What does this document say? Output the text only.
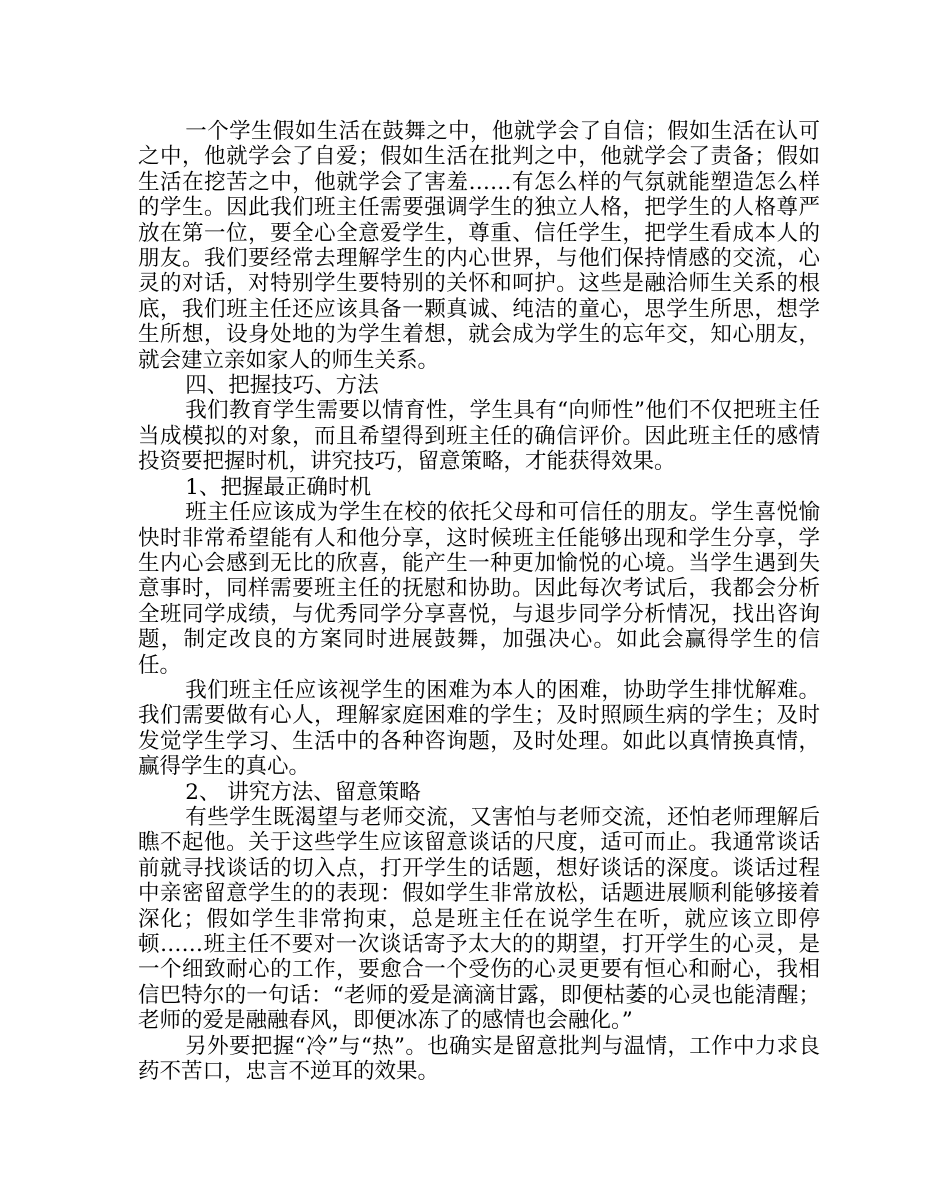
一个学生假如生活在鼓舞之中，他就学会了自信；假如生活在认可之中，他就学会了自爱；假如生活在批判之中，他就学会了责备；假如生活在挖苦之中，他就学会了害羞……有怎么样的气氛就能塑造怎么样的学生。因此我们班主任需要强调学生的独立人格，把学生的人格尊严放在第一位，要全心全意爱学生，尊重、信任学生，把学生看成本人的朋友。我们要经常去理解学生的内心世界，与他们保持情感的交流，心灵的对话，对特别学生要特别的关怀和呵护。这些是融洽师生关系的根底，我们班主任还应该具备一颗真诚、纯洁的童心，思学生所思，想学生所想，设身处地的为学生着想，就会成为学生的忘年交，知心朋友，就会建立亲如家人的师生关系。

四、把握技巧、方法

我们教育学生需要以情育性，学生具有“向师性”他们不仅把班主任当成模拟的对象，而且希望得到班主任的确信评价。因此班主任的感情投资要把握时机，讲究技巧，留意策略，才能获得效果。

1、把握最正确时机

班主任应该成为学生在校的依托父母和可信任的朋友。学生喜悦愉快时非常希望能有人和他分享，这时候班主任能够出现和学生分享，学生内心会感到无比的欣喜，能产生一种更加愉悦的心境。当学生遇到失意事时，同样需要班主任的抚慰和协助。因此每次考试后，我都会分析全班同学成绩，与优秀同学分享喜悦，与退步同学分析情况，找出咨询题，制定改良的方案同时进展鼓舞，加强决心。如此会赢得学生的信任。

我们班主任应该视学生的困难为本人的困难，协助学生排忧解难。我们需要做有心人，理解家庭困难的学生；及时照顾生病的学生；及时发觉学生学习、生活中的各种咨询题，及时处理。如此以真情换真情，赢得学生的真心。

2、 讲究方法、留意策略

有些学生既渴望与老师交流，又害怕与老师交流，还怕老师理解后瞧不起他。关于这些学生应该留意谈话的尺度，适可而止。我通常谈话前就寻找谈话的切入点，打开学生的话题，想好谈话的深度。谈话过程中亲密留意学生的的表现：假如学生非常放松，话题进展顺利能够接着深化；假如学生非常拘束，总是班主任在说学生在听，就应该立即停顿……班主任不要对一次谈话寄予太大的的期望，打开学生的心灵，是一个细致耐心的工作，要愈合一个受伤的心灵更要有恒心和耐心，我相信巴特尔的一句话：“老师的爱是滴滴甘露，即便枯萎的心灵也能清醒；老师的爱是融融春风，即便冰冻了的感情也会融化。”

另外要把握“冷”与“热”。也确实是留意批判与温情，工作中力求良药不苦口，忠言不逆耳的效果。
